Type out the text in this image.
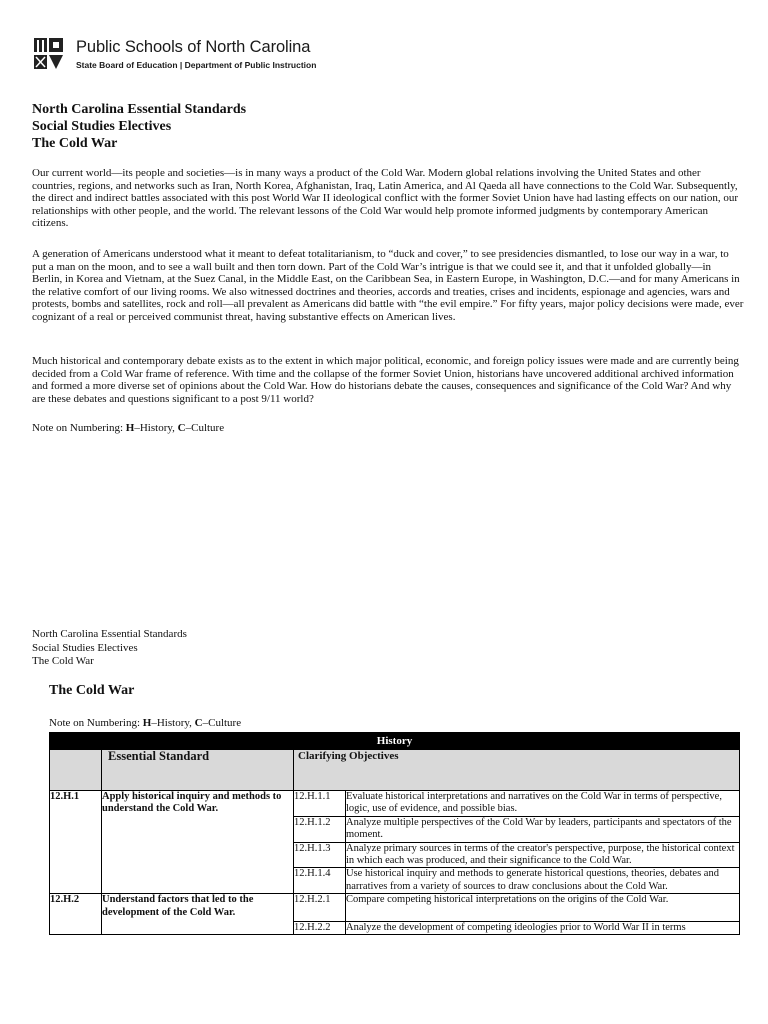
Public Schools of North Carolina
State Board of Education | Department of Public Instruction
North Carolina Essential Standards
Social Studies Electives
The Cold War

Our current world—its people and societies—is in many ways a product of the Cold War. Modern global relations involving the United States and other countries, regions, and networks such as Iran, North Korea, Afghanistan, Iraq, Latin America, and Al Qaeda all have connections to the Cold War. Subsequently, the direct and indirect battles associated with this post World War II ideological conflict with the former Soviet Union have had lasting effects on our nation, our relationships with other people, and the world. The relevant lessons of the Cold War would help promote informed judgments by contemporary American citizens.

A generation of Americans understood what it meant to defeat totalitarianism, to “duck and cover,” to see presidencies dismantled, to lose our way in a war, to put a man on the moon, and to see a wall built and then torn down. Part of the Cold War’s intrigue is that we could see it, and that it unfolded globally—in Berlin, in Korea and Vietnam, at the Suez Canal, in the Middle East, on the Caribbean Sea, in Eastern Europe, in Washington, D.C.—and for many Americans in the relative comfort of our living rooms. We also witnessed doctrines and theories, accords and treaties, crises and incidents, espionage and agencies, wars and protests, bombs and satellites, rock and roll—all prevalent as Americans did battle with “the evil empire.” For fifty years, major policy decisions were made, ever cognizant of a real or perceived communist threat, having substantive effects on American lives.

Much historical and contemporary debate exists as to the extent in which major political, economic, and foreign policy issues were made and are currently being decided from a Cold War frame of reference. With time and the collapse of the former Soviet Union, historians have uncovered additional archived information and formed a more diverse set of opinions about the Cold War. How do historians debate the causes, consequences and significance of the Cold War? And why are these debates and questions significant to a post 9/11 world?

Note on Numbering: H–History, C–Culture
North Carolina Essential Standards
Social Studies Electives
The Cold War
The Cold War
Note on Numbering: H–History, C–Culture
History			
	Essential Standard	Clarifying Objectives	
12.H.1	Apply historical inquiry and methods to understand the Cold War.	12.H.1.1	Evaluate historical interpretations and narratives on the Cold War in terms of perspective, logic, use of evidence, and possible bias.
		12.H.1.2	Analyze multiple perspectives of the Cold War by leaders, participants and spectators of the moment.
		12.H.1.3	Analyze primary sources in terms of the creator's perspective, purpose, the historical context in which each was produced, and their significance to the Cold War.
		12.H.1.4	Use historical inquiry and methods to generate historical questions, theories, debates and narratives from a variety of sources to draw conclusions about the Cold War.
12.H.2	Understand factors that led to the development of the Cold War.	12.H.2.1	Compare competing historical interpretations on the origins of the Cold War.
		12.H.2.2	Analyze the development of competing ideologies prior to World War II in terms
